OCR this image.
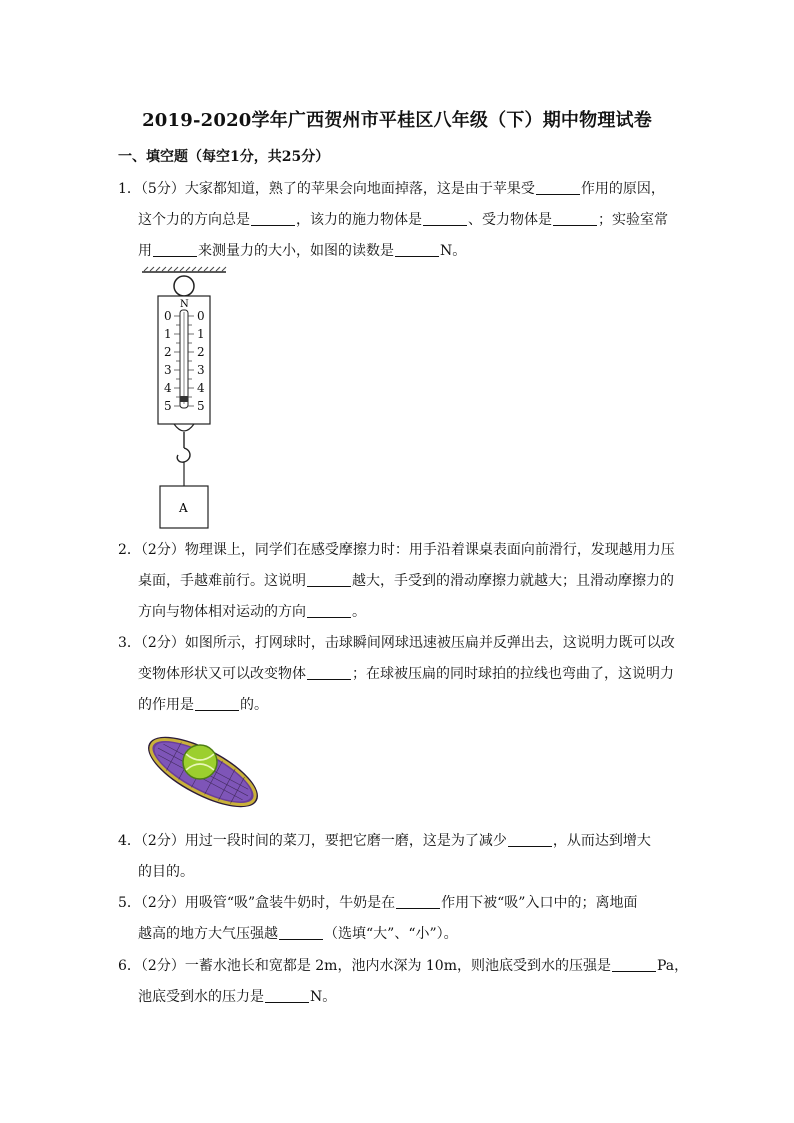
2019-2020学年广西贺州市平桂区八年级（下）期中物理试卷
一、填空题（每空1分，共25分）
1．（5分）大家都知道，熟了的苹果会向地面掉落，这是由于苹果受	作用的原因，
这个力的方向总是	，该力的施力物体是	、受力物体是	；实验室常
用	来测量力的大小，如图的读数是	N。
N
0
1
2
3
4
5
0
1
2
3
4
5
A
2．（2分）物理课上，同学们在感受摩擦力时：用手沿着课桌表面向前滑行，发现越用力压
桌面，手越难前行。这说明	越大，手受到的滑动摩擦力就越大；且滑动摩擦力的
方向与物体相对运动的方向	。
3．（2分）如图所示，打网球时，击球瞬间网球迅速被压扁并反弹出去，这说明力既可以改
变物体形状又可以改变物体	；在球被压扁的同时球拍的拉线也弯曲了，这说明力
的作用是	的。
4．（2分）用过一段时间的菜刀，要把它磨一磨，这是为了减少	，从而达到增大
的目的。
5．（2分）用吸管“吸”盒装牛奶时，牛奶是在	作用下被“吸”入口中的；离地面
越高的地方大气压强越	（选填“大”、“小”）。
6．（2分）一蓄水池长和宽都是 2m，池内水深为 10m，则池底受到水的压强是	Pa，
池底受到水的压力是	N。
